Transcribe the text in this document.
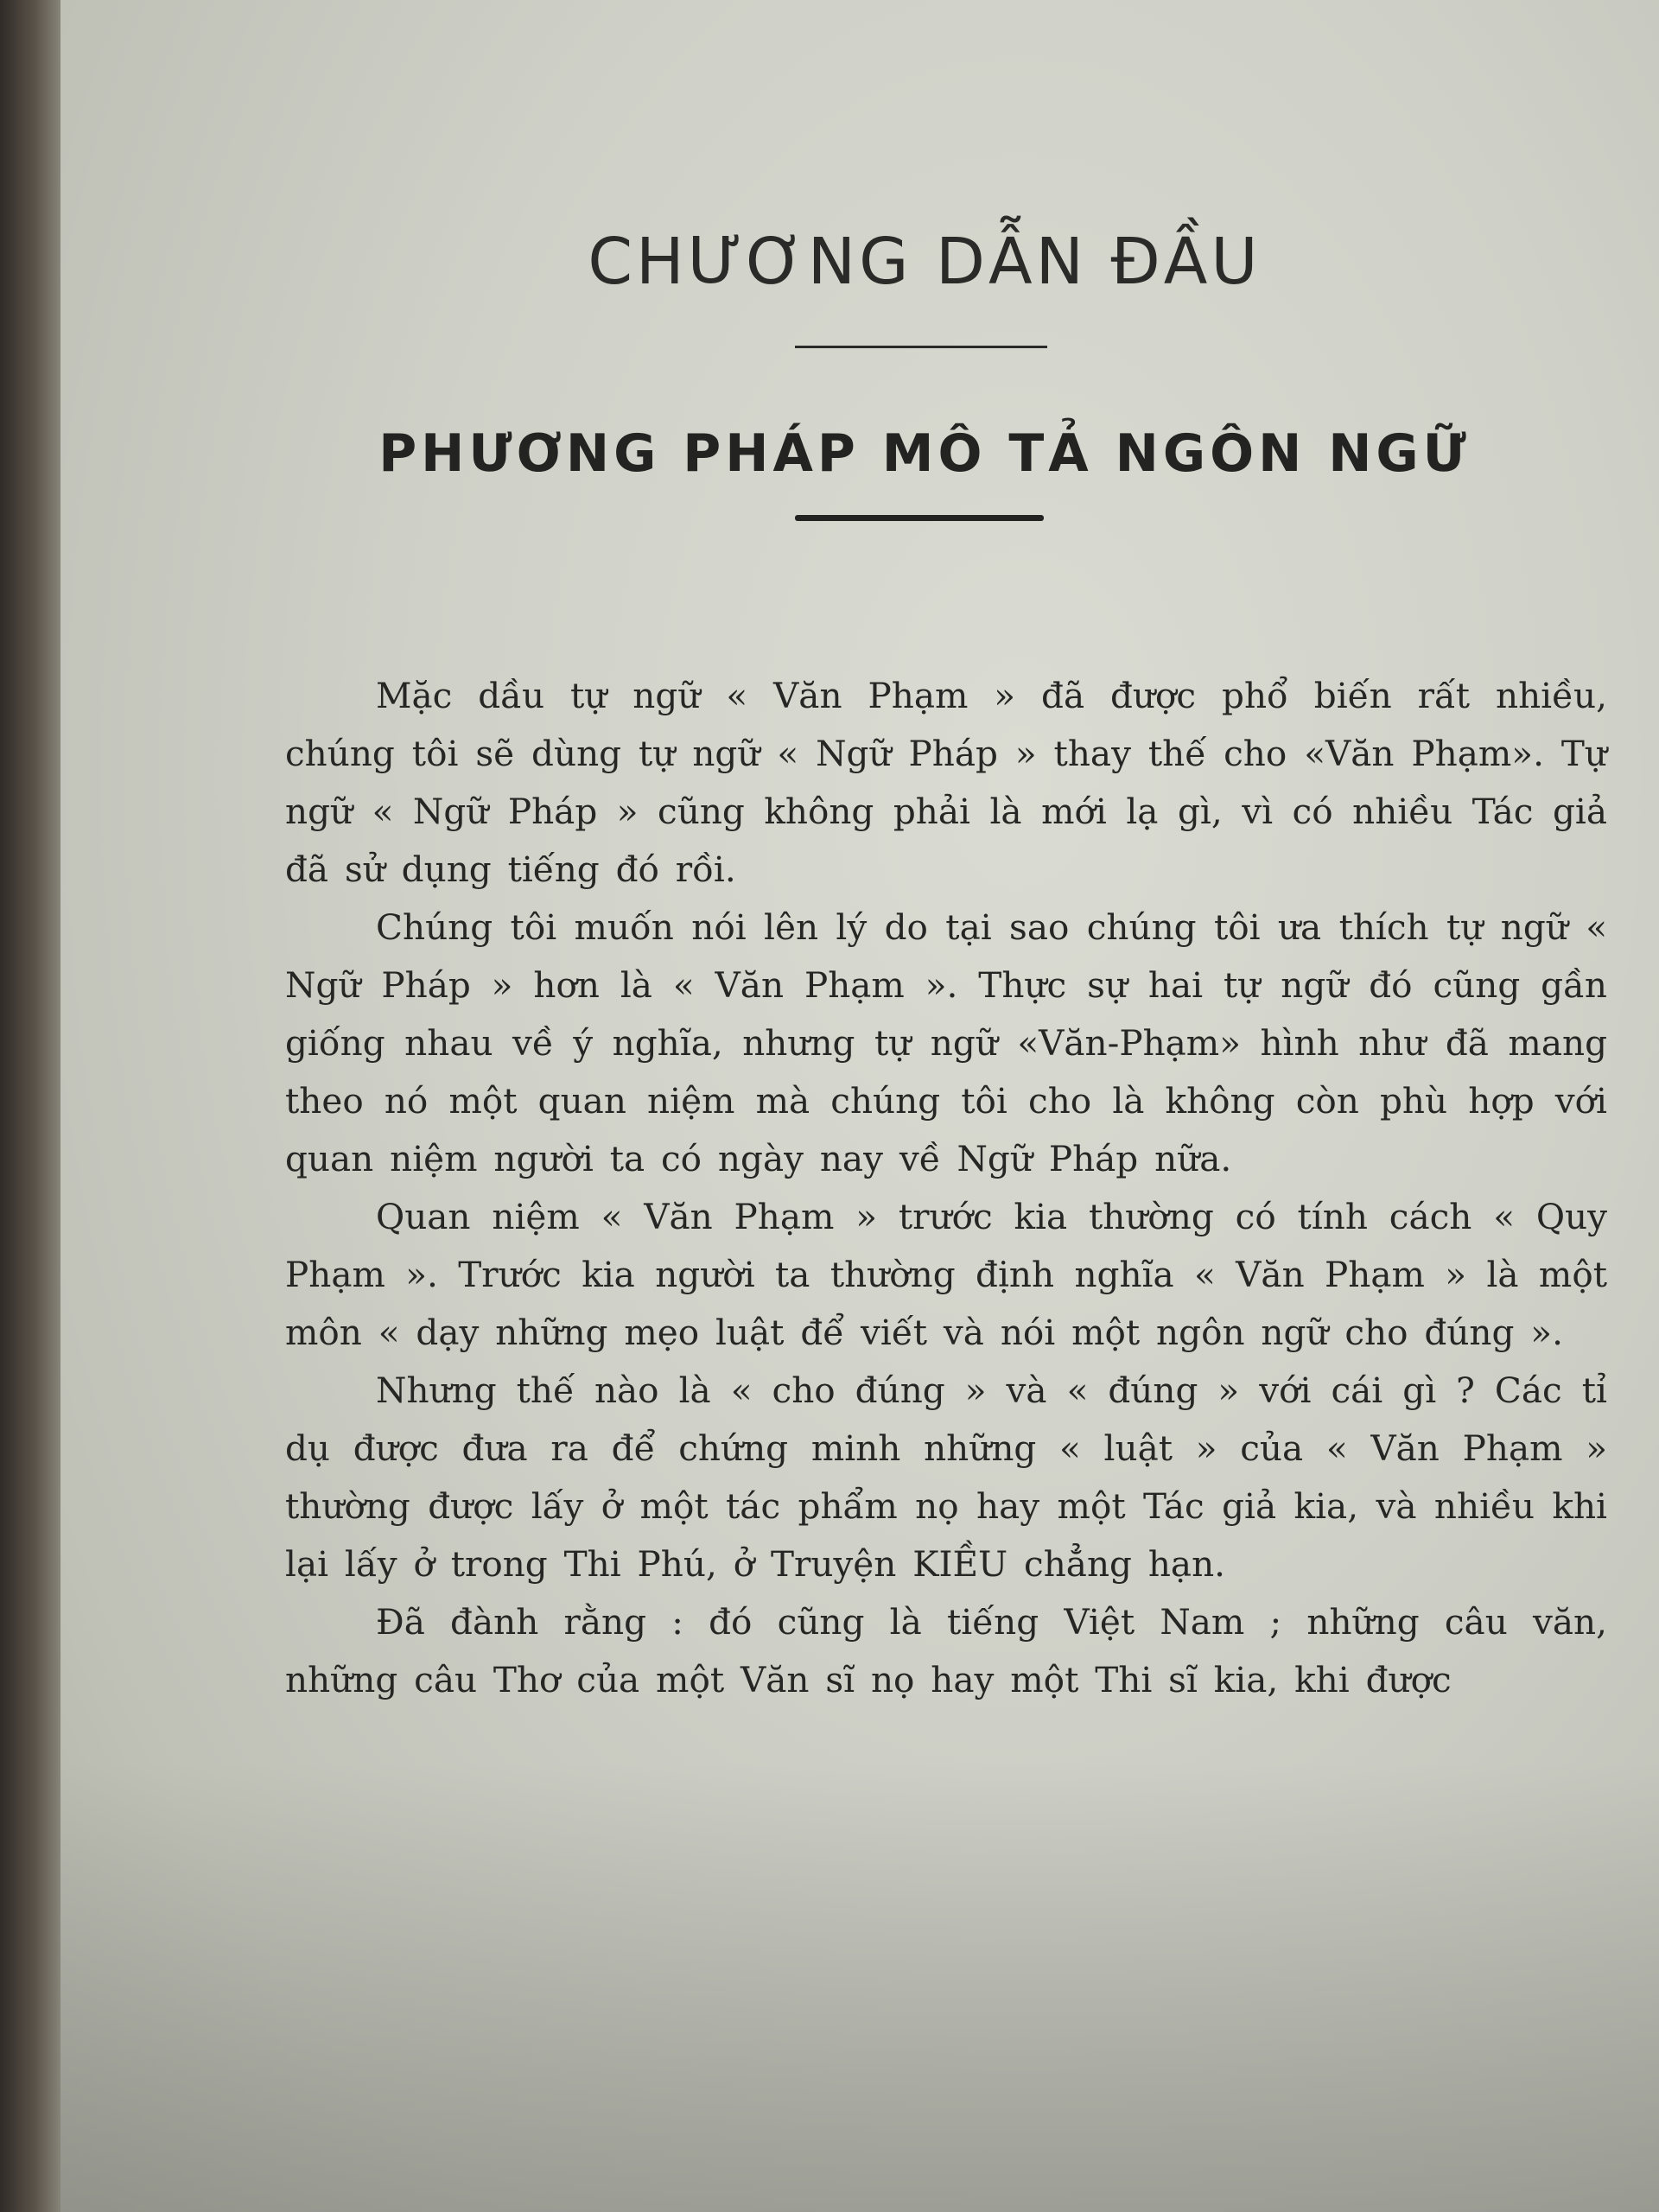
CHƯƠNG DẪN ĐẦU
PHƯƠNG PHÁP MÔ TẢ NGÔN NGỮ

Mặc dầu tự ngữ « Văn Phạm » đã được phổ biến rất nhiều, chúng tôi sẽ dùng tự ngữ « Ngữ Pháp » thay thế cho «Văn Phạm». Tự ngữ « Ngữ Pháp » cũng không phải là mới lạ gì, vì có nhiều Tác giả đã sử dụng tiếng đó rồi.

Chúng tôi muốn nói lên lý do tại sao chúng tôi ưa thích tự ngữ « Ngữ Pháp » hơn là « Văn Phạm ». Thực sự hai tự ngữ đó cũng gần giống nhau về ý nghĩa, nhưng tự ngữ «Văn-Phạm» hình như đã mang theo nó một quan niệm mà chúng tôi cho là không còn phù hợp với quan niệm người ta có ngày nay về Ngữ Pháp nữa.

Quan niệm « Văn Phạm » trước kia thường có tính cách « Quy Phạm ». Trước kia người ta thường định nghĩa « Văn Phạm » là một môn « dạy những mẹo luật để viết và nói một ngôn ngữ cho đúng ».

Nhưng thế nào là « cho đúng » và « đúng » với cái gì ? Các tỉ dụ được đưa ra để chứng minh những « luật » của « Văn Phạm » thường được lấy ở một tác phẩm nọ hay một Tác giả kia, và nhiều khi lại lấy ở trong Thi Phú, ở Truyện KIỀU chẳng hạn.

Đã đành rằng : đó cũng là tiếng Việt Nam ; những câu văn, những câu Thơ của một Văn sĩ nọ hay một Thi sĩ kia, khi được
